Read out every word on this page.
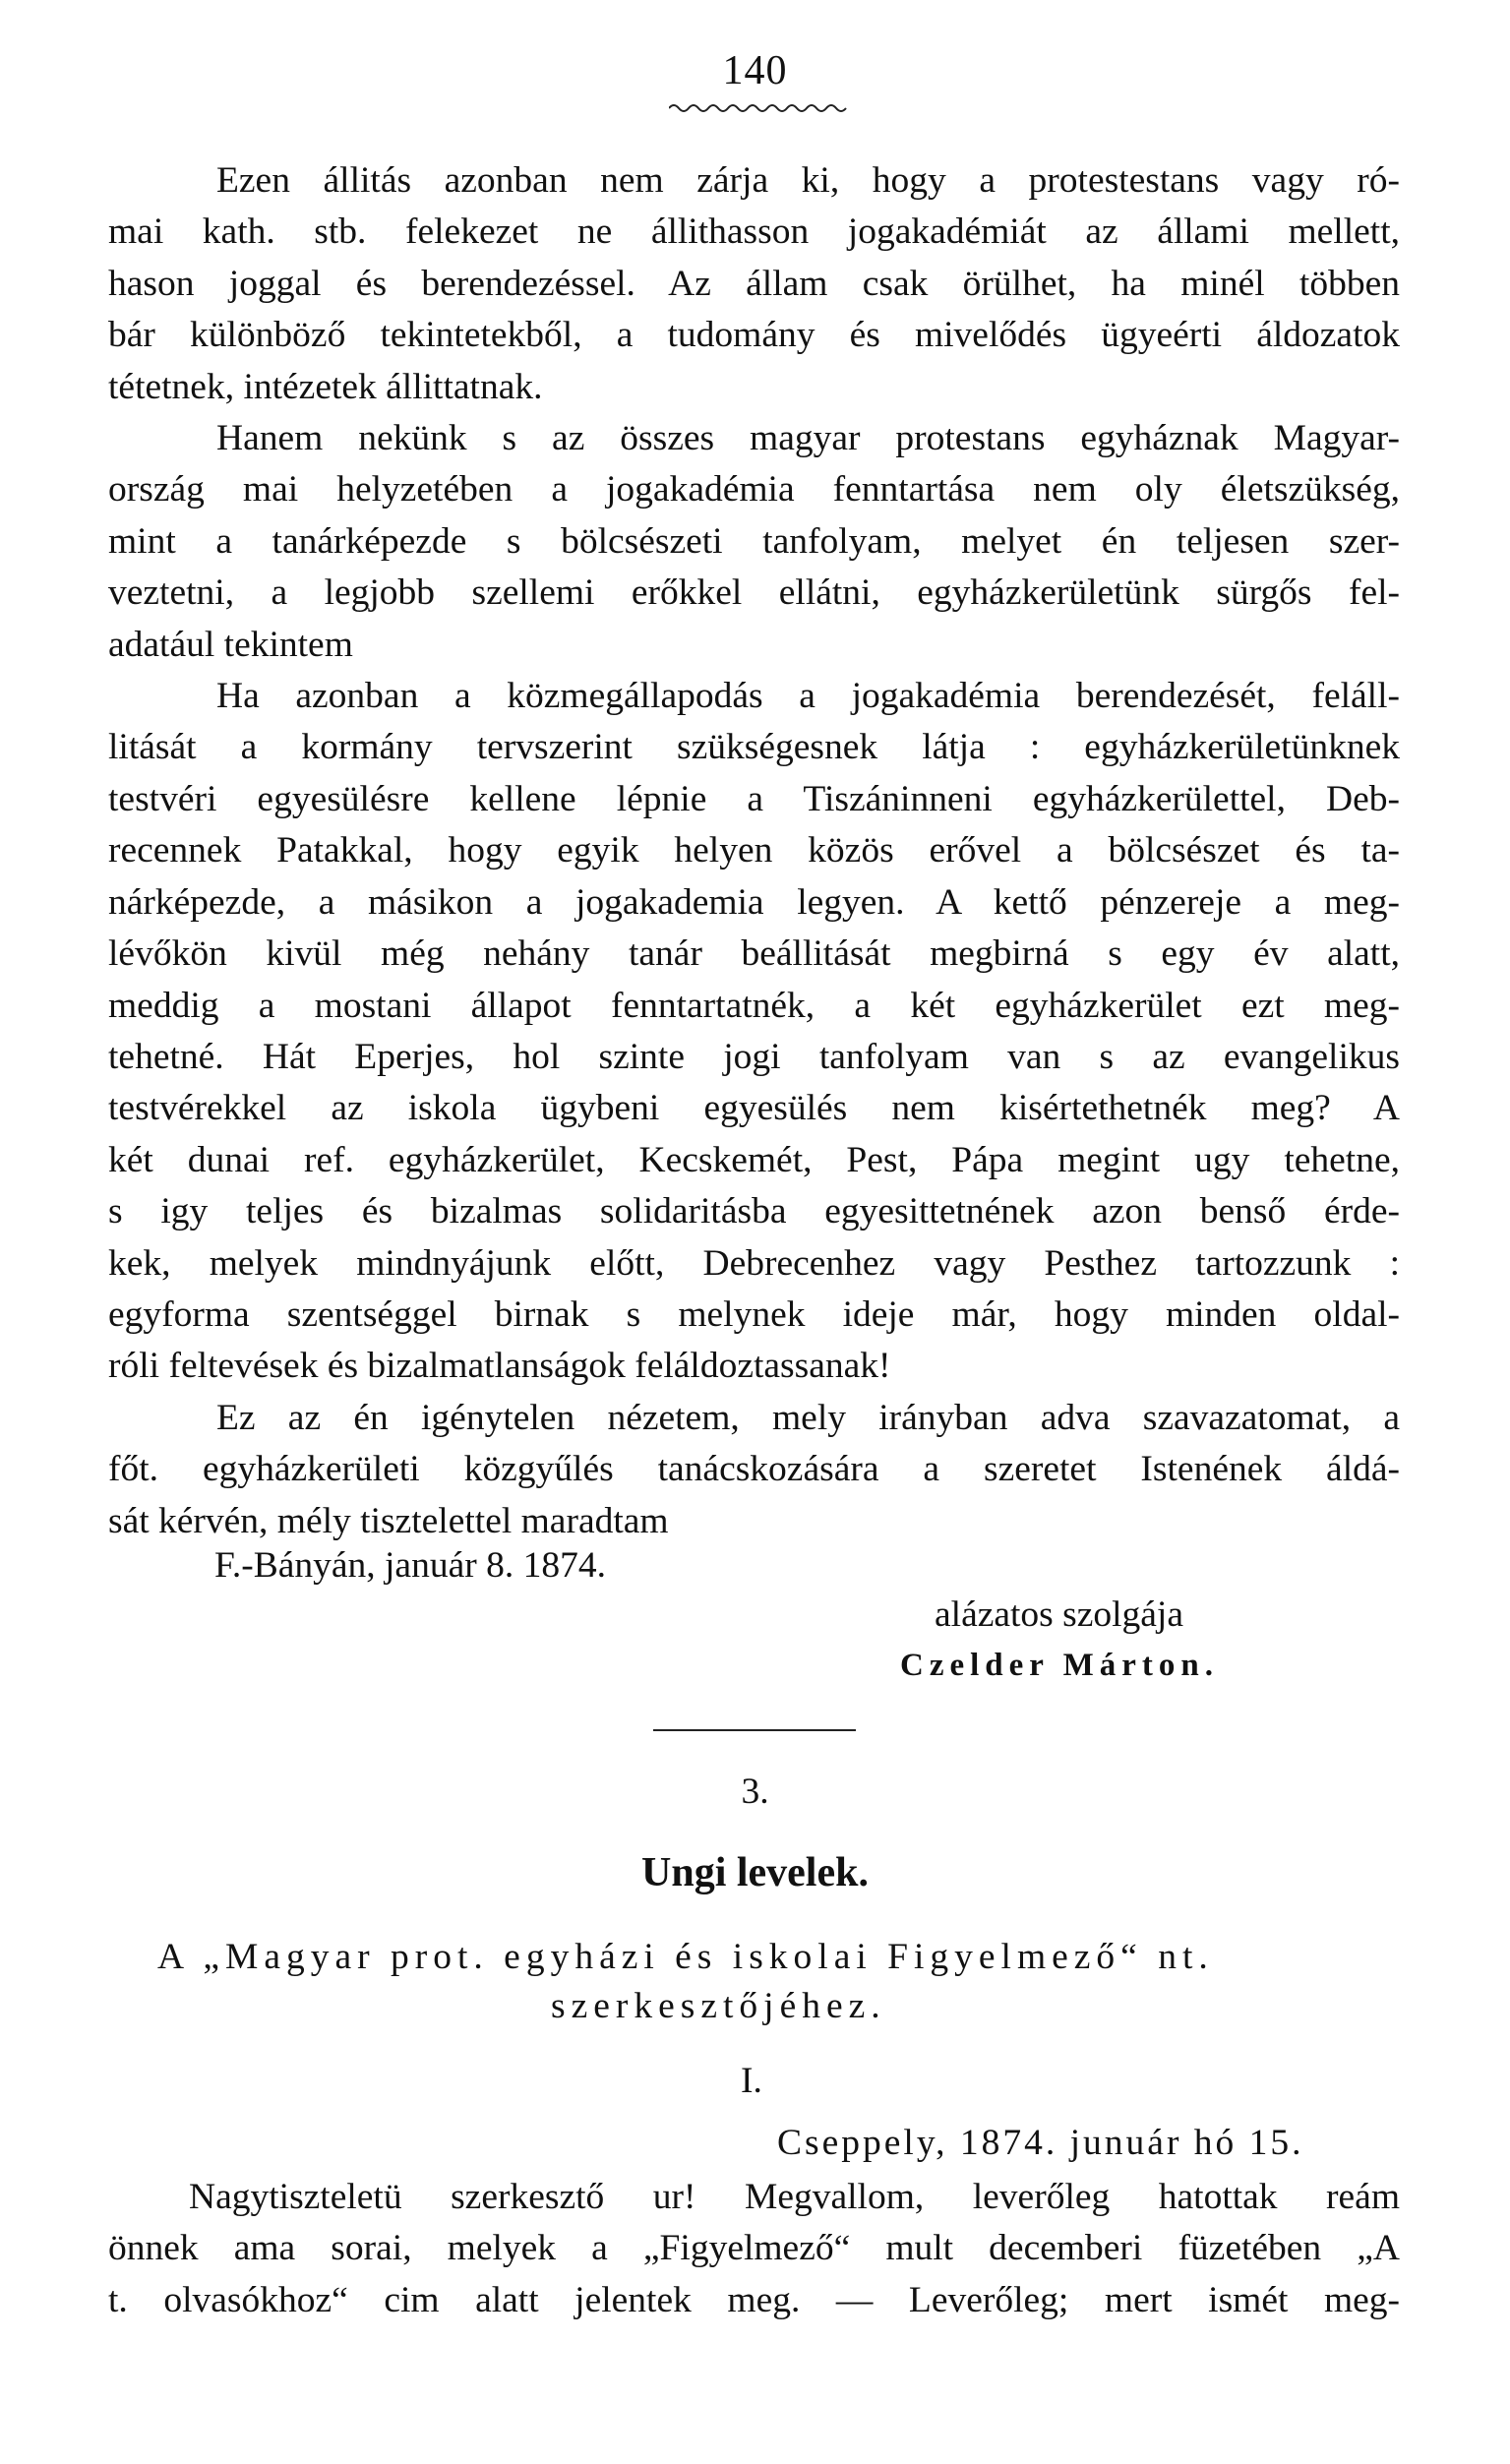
140
Ezen állitás azonban nem zárja ki, hogy a protestestans vagy ró-
mai kath. stb. felekezet ne állithasson jogakadémiát az állami mellett,
hason joggal és berendezéssel. Az állam csak örülhet, ha minél többen
bár különböző tekintetekből, a tudomány és mivelődés ügyeérti áldozatok
tétetnek, intézetek állittatnak.
Hanem nekünk s az összes magyar protestans egyháznak Magyar-
ország mai helyzetében a jogakadémia fenntartása nem oly életszükség,
mint a tanárképezde s bölcsészeti tanfolyam, melyet én teljesen szer-
veztetni, a legjobb szellemi erőkkel ellátni, egyházkerületünk sürgős fel-
adatául tekintem
Ha azonban a közmegállapodás a jogakadémia berendezését, feláll-
litását a kormány tervszerint szükségesnek látja : egyházkerületünknek
testvéri egyesülésre kellene lépnie a Tiszáninneni egyházkerülettel, Deb-
recennek Patakkal, hogy egyik helyen közös erővel a bölcsészet és ta-
nárképezde, a másikon a jogakademia legyen. A kettő pénzereje a meg-
lévőkön kivül még nehány tanár beállitását megbirná s egy év alatt,
meddig a mostani állapot fenntartatnék, a két egyházkerület ezt meg-
tehetné. Hát Eperjes, hol szinte jogi tanfolyam van s az evangelikus
testvérekkel az iskola ügybeni egyesülés nem kisértethetnék meg? A
két dunai ref. egyházkerület, Kecskemét, Pest, Pápa megint ugy tehetne,
s igy teljes és bizalmas solidaritásba egyesittetnének azon benső érde-
kek, melyek mindnyájunk előtt, Debrecenhez vagy Pesthez tartozzunk :
egyforma szentséggel birnak s melynek ideje már, hogy minden oldal-
róli feltevések és bizalmatlanságok feláldoztassanak!
Ez az én igénytelen nézetem, mely irányban adva szavazatomat, a
főt. egyházkerületi közgyűlés tanácskozására a szeretet Istenének áldá-
sát kérvén, mély tisztelettel maradtam
F.-Bányán, január 8. 1874.
alázatos szolgája
Czelder Márton.
3.
Ungi levelek.
A „Magyar prot. egyházi és iskolai Figyelmező“ nt.
szerkesztőjéhez.
I.
Cseppely, 1874. junuár hó 15.
Nagytiszteletü szerkesztő ur! Megvallom, leverőleg hatottak reám
önnek ama sorai, melyek a „Figyelmező“ mult decemberi füzetében „A
t. olvasókhoz“ cim alatt jelentek meg. — Leverőleg; mert ismét meg-
